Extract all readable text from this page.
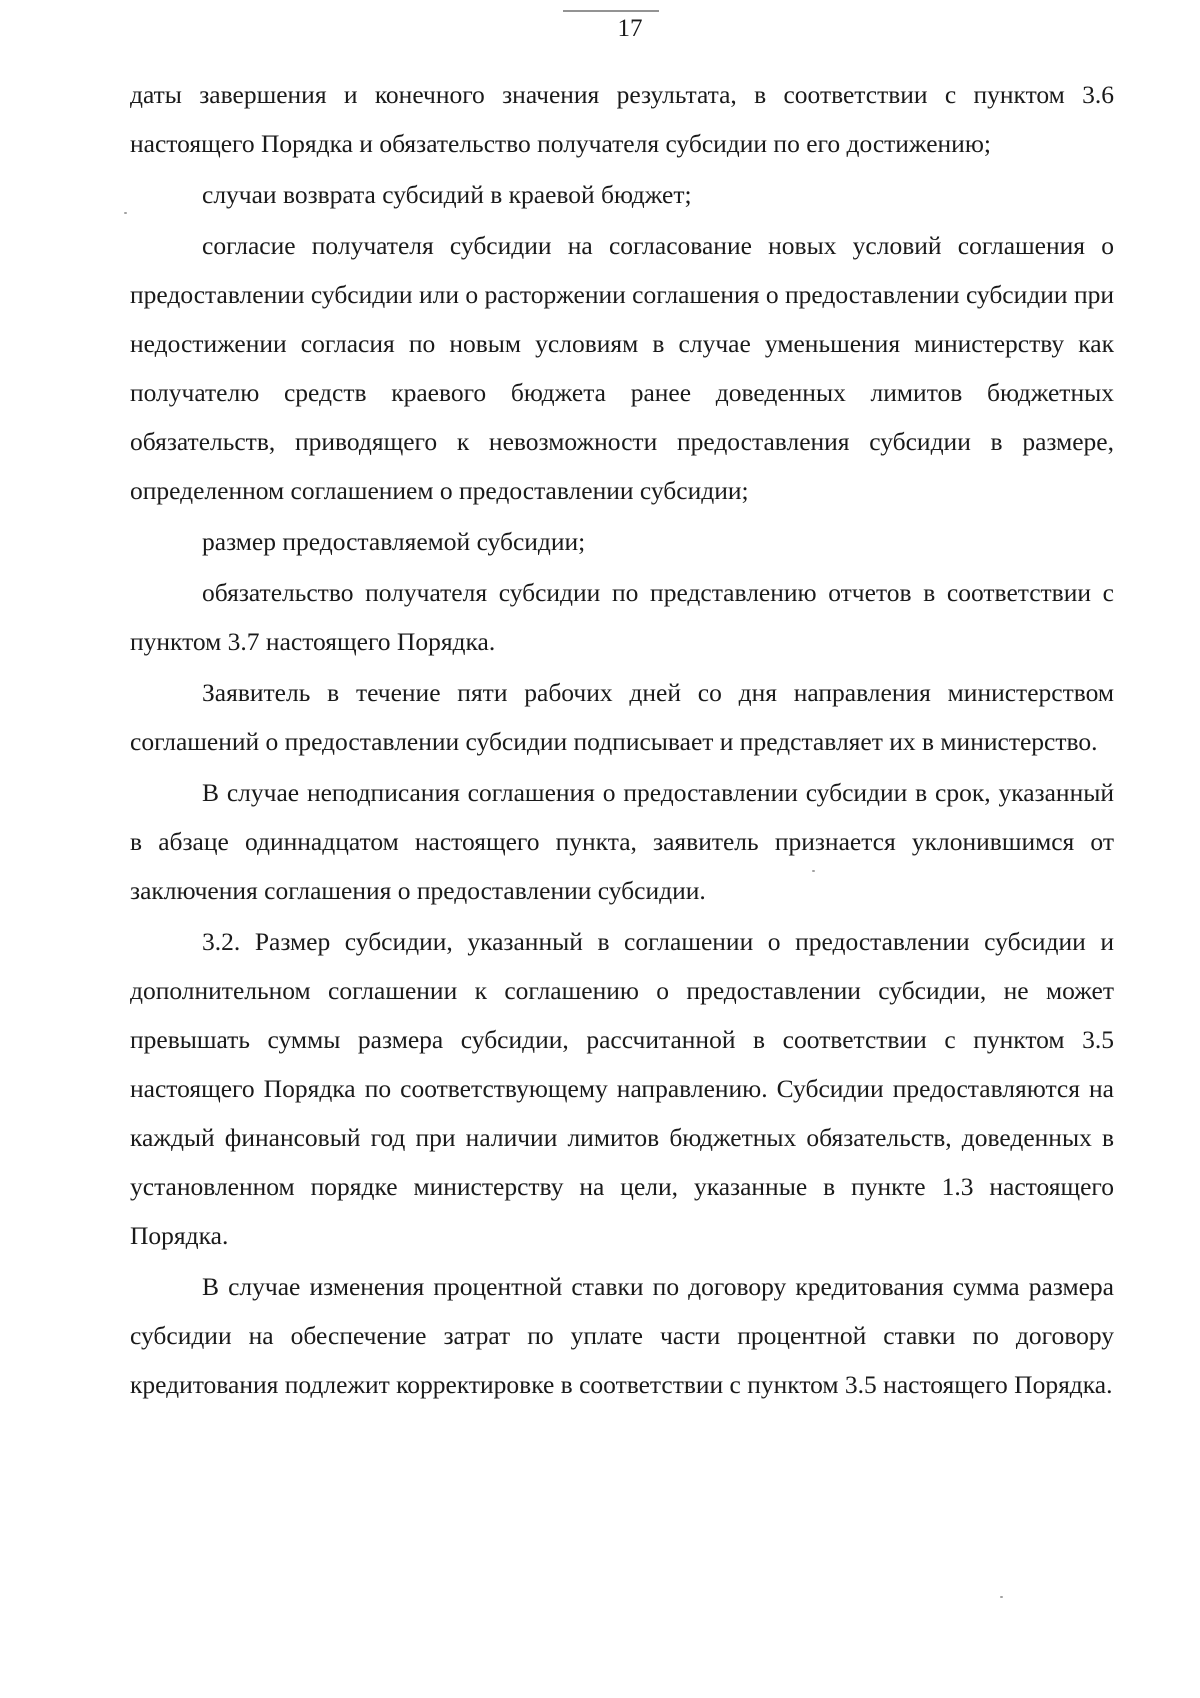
17

даты завершения и конечного значения результата, в соответствии с пунктом 3.6 настоящего Порядка и обязательство получателя субсидии по его достижению;

случаи возврата субсидий в краевой бюджет;

согласие получателя субсидии на согласование новых условий соглашения о предоставлении субсидии или о расторжении соглашения о предоставлении субсидии при недостижении согласия по новым условиям в случае уменьшения министерству как получателю средств краевого бюджета ранее доведенных лимитов бюджетных обязательств, приводящего к невозможности предоставления субсидии в размере, определенном соглашением о предоставлении субсидии;

размер предоставляемой субсидии;

обязательство получателя субсидии по представлению отчетов в соответствии с пунктом 3.7 настоящего Порядка.

Заявитель в течение пяти рабочих дней со дня направления министерством соглашений о предоставлении субсидии подписывает и представляет их в министерство.

В случае неподписания соглашения о предоставлении субсидии в срок, указанный в абзаце одиннадцатом настоящего пункта, заявитель признается уклонившимся от заключения соглашения о предоставлении субсидии.

3.2. Размер субсидии, указанный в соглашении о предоставлении субсидии и дополнительном соглашении к соглашению о предоставлении субсидии, не может превышать суммы размера субсидии, рассчитанной в соответствии с пунктом 3.5 настоящего Порядка по соответствующему направлению. Субсидии предоставляются на каждый финансовый год при наличии лимитов бюджетных обязательств, доведенных в установленном порядке министерству на цели, указанные в пункте 1.3 настоящего Порядка.

В случае изменения процентной ставки по договору кредитования сумма размера субсидии на обеспечение затрат по уплате части процентной ставки по договору кредитования подлежит корректировке в соответствии с пунктом 3.5 настоящего Порядка.
